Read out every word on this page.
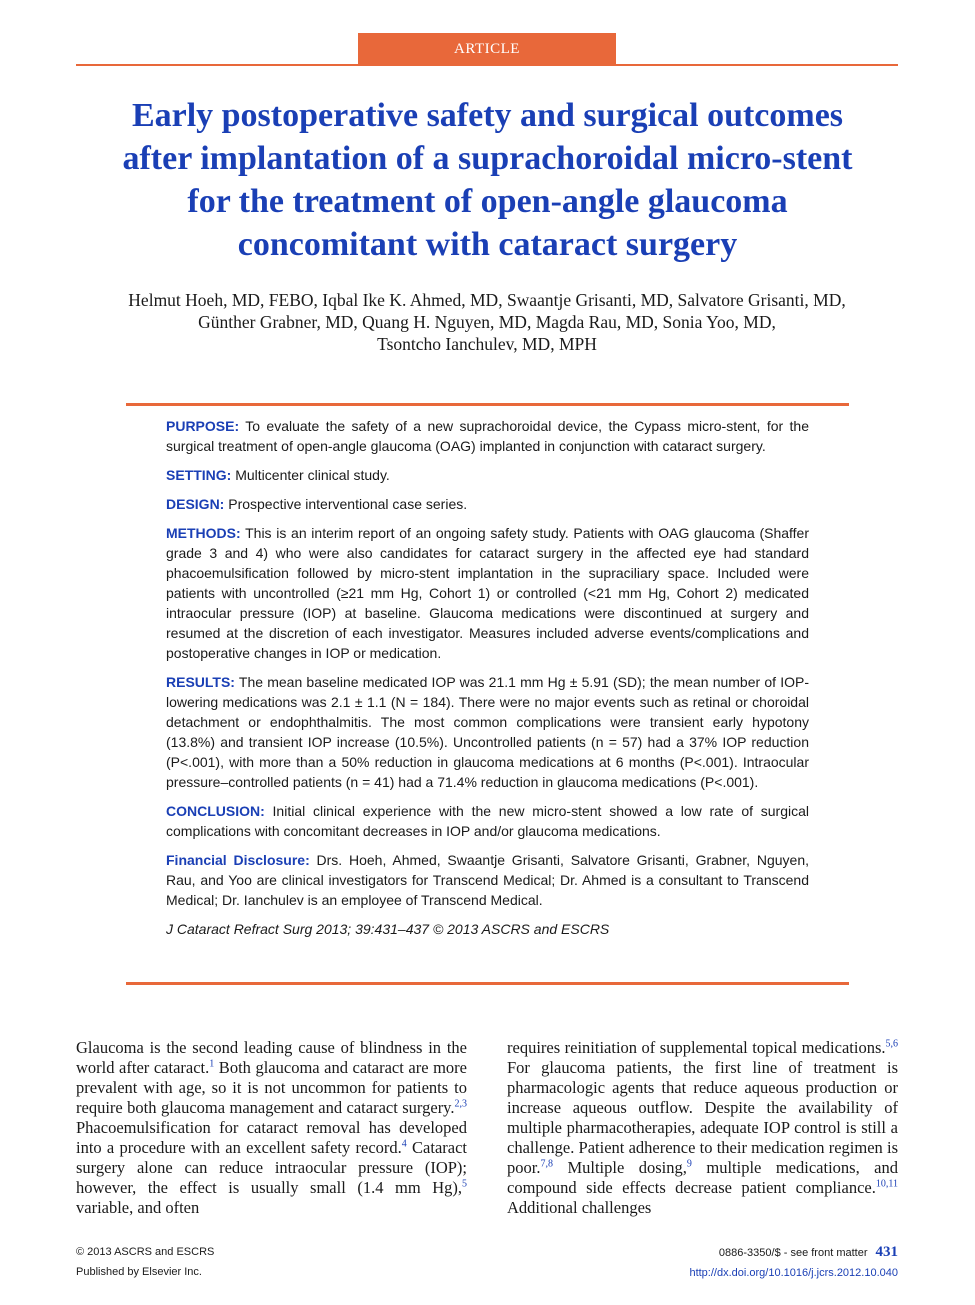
ARTICLE
Early postoperative safety and surgical outcomes
after implantation of a suprachoroidal micro-stent
for the treatment of open-angle glaucoma
concomitant with cataract surgery
Helmut Hoeh, MD, FEBO, Iqbal Ike K. Ahmed, MD, Swaantje Grisanti, MD, Salvatore Grisanti, MD,
Günther Grabner, MD, Quang H. Nguyen, MD, Magda Rau, MD, Sonia Yoo, MD,
Tsontcho Ianchulev, MD, MPH

PURPOSE: To evaluate the safety of a new suprachoroidal device, the Cypass micro-stent, for the surgical treatment of open-angle glaucoma (OAG) implanted in conjunction with cataract surgery.

SETTING: Multicenter clinical study.

DESIGN: Prospective interventional case series.

METHODS: This is an interim report of an ongoing safety study. Patients with OAG glaucoma (Shaffer grade 3 and 4) who were also candidates for cataract surgery in the affected eye had standard phacoemulsification followed by micro-stent implantation in the supraciliary space. Included were patients with uncontrolled (≥21 mm Hg, Cohort 1) or controlled (<21 mm Hg, Cohort 2) medicated intraocular pressure (IOP) at baseline. Glaucoma medications were discontinued at surgery and resumed at the discretion of each investigator. Measures included adverse events/complications and postoperative changes in IOP or medication.

RESULTS: The mean baseline medicated IOP was 21.1 mm Hg ± 5.91 (SD); the mean number of IOP-lowering medications was 2.1 ± 1.1 (N = 184). There were no major events such as retinal or choroidal detachment or endophthalmitis. The most common complications were transient early hypotony (13.8%) and transient IOP increase (10.5%). Uncontrolled patients (n = 57) had a 37% IOP reduction (P<.001), with more than a 50% reduction in glaucoma medications at 6 months (P<.001). Intraocular pressure–controlled patients (n = 41) had a 71.4% reduction in glaucoma medications (P<.001).

CONCLUSION: Initial clinical experience with the new micro-stent showed a low rate of surgical complications with concomitant decreases in IOP and/or glaucoma medications.

Financial Disclosure: Drs. Hoeh, Ahmed, Swaantje Grisanti, Salvatore Grisanti, Grabner, Nguyen, Rau, and Yoo are clinical investigators for Transcend Medical; Dr. Ahmed is a consultant to Transcend Medical; Dr. Ianchulev is an employee of Transcend Medical.

J Cataract Refract Surg 2013; 39:431–437 © 2013 ASCRS and ESCRS

Glaucoma is the second leading cause of blindness in the world after cataract.$^1$ Both glaucoma and cataract are more prevalent with age, so it is not uncommon for patients to require both glaucoma management and cataract surgery.$^{2,3}$ Phacoemulsification for cataract removal has developed into a procedure with an excellent safety record.$^4$ Cataract surgery alone can reduce intraocular pressure (IOP); however, the effect is usually small (1.4 mm Hg),$^5$ variable, and often
requires reinitiation of supplemental topical medications.$^{5,6}$ For glaucoma patients, the first line of treatment is pharmacologic agents that reduce aqueous production or increase aqueous outflow. Despite the availability of multiple pharmacotherapies, adequate IOP control is still a challenge. Patient adherence to their medication regimen is poor.$^{7,8}$ Multiple dosing,$^9$ multiple medications, and compound side effects decrease patient compliance.$^{10,11}$ Additional challenges
© 2013 ASCRS and ESCRS
Published by Elsevier Inc.
0886-3350/$ - see front matter 431
http://dx.doi.org/10.1016/j.jcrs.2012.10.040
